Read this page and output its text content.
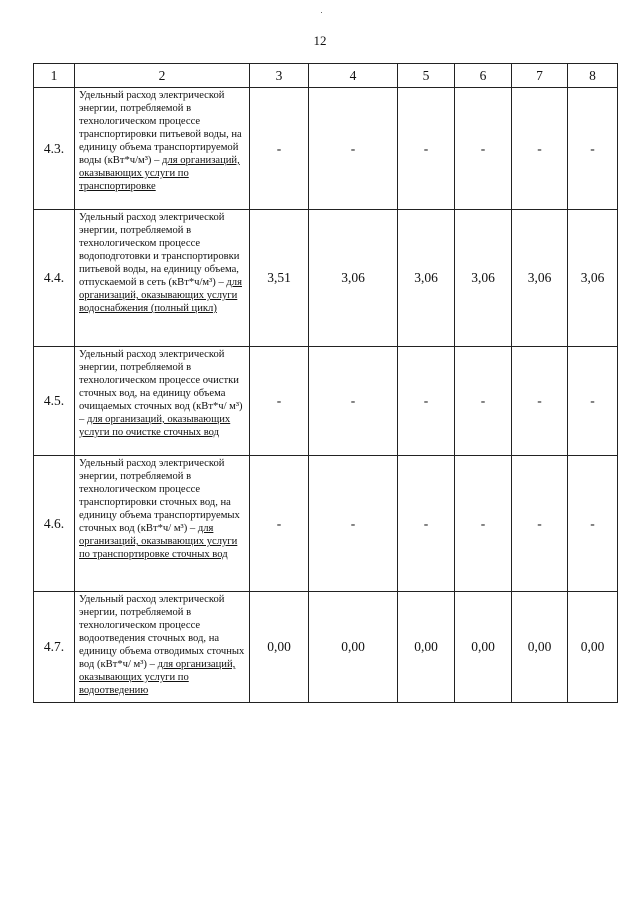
12
1	2	3	4	5	6	7	8
4.3.	Удельный расход электрической энергии, потребляемой в технологическом процессе транспортировки питьевой воды, на единицу объема транспортируемой воды (кВт*ч/м³) – для организаций, оказывающих услуги по транспортировке	-	-	-	-	-	-
4.4.	Удельный расход электрической энергии, потребляемой в технологическом процессе водоподготовки и транспортировки питьевой воды, на единицу объема, отпускаемой в сеть (кВт*ч/м³) – для организаций, оказывающих услуги водоснабжения (полный цикл)	3,51	3,06	3,06	3,06	3,06	3,06
4.5.	Удельный расход электрической энергии, потребляемой в технологическом процессе очистки сточных вод, на единицу объема очищаемых сточных вод (кВт*ч/ м³) – для организаций, оказывающих услуги по очистке сточных вод	-	-	-	-	-	-
4.6.	Удельный расход электрической энергии, потребляемой в технологическом процессе транспортировки сточных вод, на единицу объема транспортируемых сточных вод (кВт*ч/ м³) – для организаций, оказывающих услуги по транспортировке сточных вод	-	-	-	-	-	-
4.7.	Удельный расход электрической энергии, потребляемой в технологическом процессе водоотведения сточных вод, на единицу объема отводимых сточных вод (кВт*ч/ м³) – для организаций, оказывающих услуги по водоотведению	0,00	0,00	0,00	0,00	0,00	0,00
